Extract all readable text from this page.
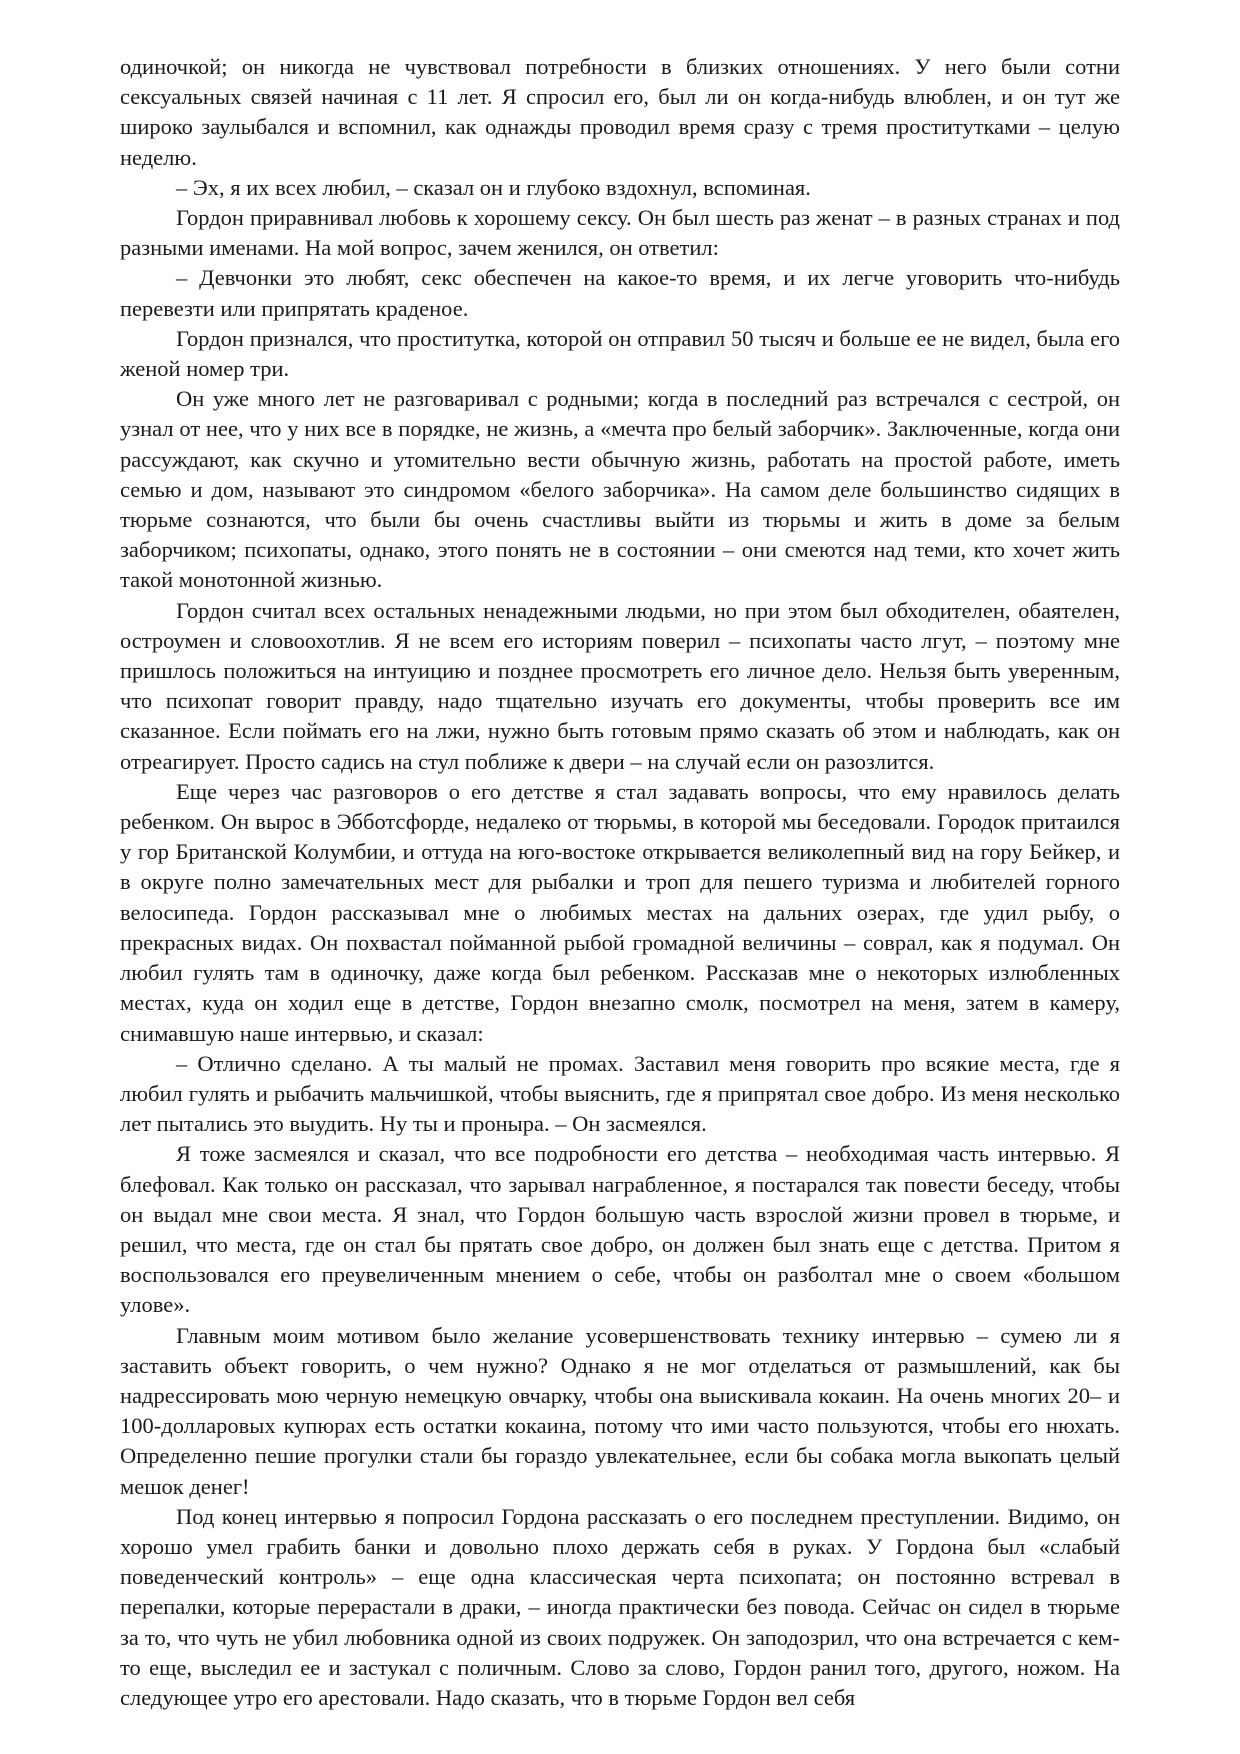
одиночкой; он никогда не чувствовал потребности в близких отношениях. У него были сотни сексуальных связей начиная с 11 лет. Я спросил его, был ли он когда-нибудь влюблен, и он тут же широко заулыбался и вспомнил, как однажды проводил время сразу с тремя проститутками – целую неделю.

– Эх, я их всех любил, – сказал он и глубоко вздохнул, вспоминая.

Гордон приравнивал любовь к хорошему сексу. Он был шесть раз женат – в разных странах и под разными именами. На мой вопрос, зачем женился, он ответил:

– Девчонки это любят, секс обеспечен на какое-то время, и их легче уговорить что-нибудь перевезти или припрятать краденое.

Гордон признался, что проститутка, которой он отправил 50 тысяч и больше ее не видел, была его женой номер три.

Он уже много лет не разговаривал с родными; когда в последний раз встречался с сестрой, он узнал от нее, что у них все в порядке, не жизнь, а «мечта про белый заборчик». Заключенные, когда они рассуждают, как скучно и утомительно вести обычную жизнь, работать на простой работе, иметь семью и дом, называют это синдромом «белого заборчика». На самом деле большинство сидящих в тюрьме сознаются, что были бы очень счастливы выйти из тюрьмы и жить в доме за белым заборчиком; психопаты, однако, этого понять не в состоянии – они смеются над теми, кто хочет жить такой монотонной жизнью.

Гордон считал всех остальных ненадежными людьми, но при этом был обходителен, обаятелен, остроумен и словоохотлив. Я не всем его историям поверил – психопаты часто лгут, – поэтому мне пришлось положиться на интуицию и позднее просмотреть его личное дело. Нельзя быть уверенным, что психопат говорит правду, надо тщательно изучать его документы, чтобы проверить все им сказанное. Если поймать его на лжи, нужно быть готовым прямо сказать об этом и наблюдать, как он отреагирует. Просто садись на стул поближе к двери – на случай если он разозлится.

Еще через час разговоров о его детстве я стал задавать вопросы, что ему нравилось делать ребенком. Он вырос в Эбботсфорде, недалеко от тюрьмы, в которой мы беседовали. Городок притаился у гор Британской Колумбии, и оттуда на юго-востоке открывается великолепный вид на гору Бейкер, и в округе полно замечательных мест для рыбалки и троп для пешего туризма и любителей горного велосипеда. Гордон рассказывал мне о любимых местах на дальних озерах, где удил рыбу, о прекрасных видах. Он похвастал пойманной рыбой громадной величины – соврал, как я подумал. Он любил гулять там в одиночку, даже когда был ребенком. Рассказав мне о некоторых излюбленных местах, куда он ходил еще в детстве, Гордон внезапно смолк, посмотрел на меня, затем в камеру, снимавшую наше интервью, и сказал:

– Отлично сделано. А ты малый не промах. Заставил меня говорить про всякие места, где я любил гулять и рыбачить мальчишкой, чтобы выяснить, где я припрятал свое добро. Из меня несколько лет пытались это выудить. Ну ты и проныра. – Он засмеялся.

Я тоже засмеялся и сказал, что все подробности его детства – необходимая часть интервью. Я блефовал. Как только он рассказал, что зарывал награбленное, я постарался так повести беседу, чтобы он выдал мне свои места. Я знал, что Гордон большую часть взрослой жизни провел в тюрьме, и решил, что места, где он стал бы прятать свое добро, он должен был знать еще с детства. Притом я воспользовался его преувеличенным мнением о себе, чтобы он разболтал мне о своем «большом улове».

Главным моим мотивом было желание усовершенствовать технику интервью – сумею ли я заставить объект говорить, о чем нужно? Однако я не мог отделаться от размышлений, как бы надрессировать мою черную немецкую овчарку, чтобы она выискивала кокаин. На очень многих 20– и 100-долларовых купюрах есть остатки кокаина, потому что ими часто пользуются, чтобы его нюхать. Определенно пешие прогулки стали бы гораздо увлекательнее, если бы собака могла выкопать целый мешок денег!

Под конец интервью я попросил Гордона рассказать о его последнем преступлении. Видимо, он хорошо умел грабить банки и довольно плохо держать себя в руках. У Гордона был «слабый поведенческий контроль» – еще одна классическая черта психопата; он постоянно встревал в перепалки, которые перерастали в драки, – иногда практически без повода. Сейчас он сидел в тюрьме за то, что чуть не убил любовника одной из своих подружек. Он заподозрил, что она встречается с кем-то еще, выследил ее и застукал с поличным. Слово за слово, Гордон ранил того, другого, ножом. На следующее утро его арестовали. Надо сказать, что в тюрьме Гордон вел себя
